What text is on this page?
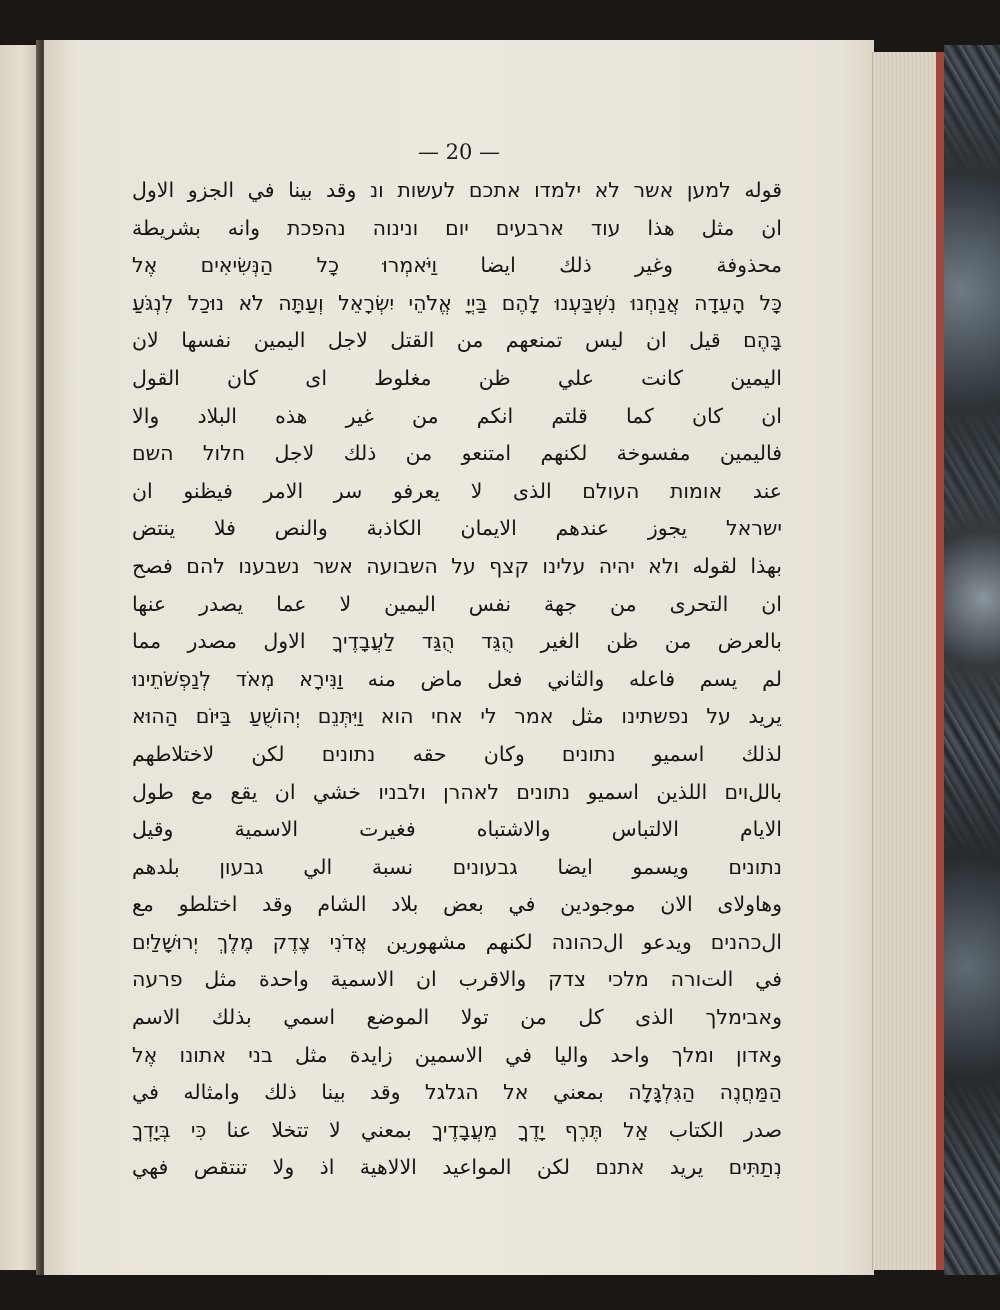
— 20 —
قوله למען אשר לא ילמדו אתכם לעשות ונ وقد بينا في الجزو الاول
ان مثل هذا עוד ארבעים יום ונינוה נהפכת وانه بشريطة
محذوفة وغير ذلك ايضا וַיֹּאמְרוּ כָל הַנְּשִׂיאִים אֶל
כָּל הָעֵדָה אֲנַחְנוּ נִשְׁבַּעְנוּ לָהֶם בַּיְיָ אֱלֹהֵי יִשְׂרָאֵל וְעַתָּה לֹא נוּכַל לִנְגֹּעַ
בָּהֶם قيل ان ليس تمنعهم من القتل لاجل اليمين نفسها لان
اليمين كانت علي ظن مغلوط اى كان القول
ان كان كما قلتم انكم من غير هذه البلاد والا
فاليمين مفسوخة لكنهم امتنعو من ذلك لاجل חלול השם
عند אומות העולם الذى لا يعرفو سر الامر فيظنو ان
ישראל يجوز عندهم الايمان الكاذبة والنص فلا ينتض
بهذا لقوله ולא יהיה עלינו קצף על השבועה אשר נשבענו להם فصح
ان التحرى من جهة نفس اليمين لا عما يصدر عنها
بالعرض من ظن الغير הֻגֵּד הֻגַּד לַעֲבָדֶיךָ الاول مصدر مما
لم يسم فاعله والثاني فعل ماض منه וַנִּירָא מְאֹד לְנַפְשֹׁתֵינוּ
يريد על נפשתינו مثل אמר לי אחי הוא וַיִּתְּנֵם יְהוֹשֻׁעַ בַּיּוֹם הַהוּא
لذلك اسميو נתונים وكان حقه נתונים لكن لاختلاطهم
باللוים اللذين اسميو נתונים לאהרן ולבניו خشي ان يقع مع طول
الايام الالتباس والاشتباه فغيرت الاسمية وقيل
נתונים ويسمو ايضا גבעונים نسبة الي גבעון بلدهم
وهاولاى الان موجودين في بعض بلاد الشام وقد اختلطو مع
الכהנים ويدعو الכהונה لكنهم مشهورين אֲדֹנִי צֶדֶק מֶלֶךְ יְרוּשָׁלַיִם
في التורה מלכי צדק والاقرب ان الاسمية واحدة مثل פרעה
وאבימלך الذى كل من تولا الموضع اسمي بذلك الاسم
وאדון ומלך واحد واليا في الاسمين زايدة مثل בני אתונו אֶל
הַמַּחֲנֶה הַגִּלְגָּלָה بمعني אל הגלגל وقد بينا ذلك وامثاله في
صدر الكتاب אַל תֶּרֶף יָדֶךָ מֵעֲבָדֶיךָ بمعني لا تتخلا عنا כִּי בְּיָדְךָ
נְתַתִּים يريد אתנם لكن المواعيد الالاهية اذ ولا تنتقص فهي
